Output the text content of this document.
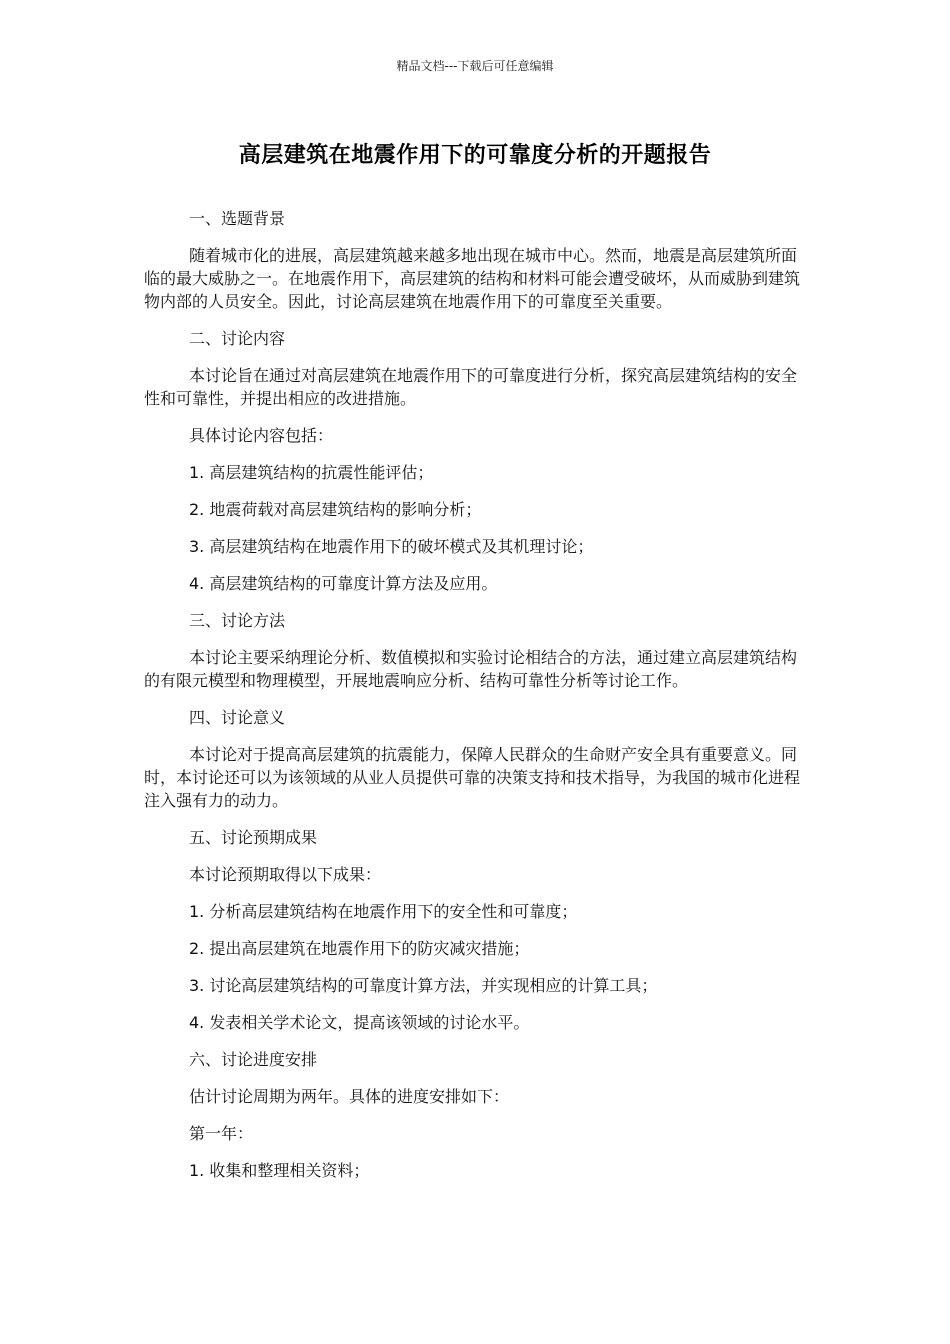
精品文档---下载后可任意编辑
高层建筑在地震作用下的可靠度分析的开题报告

一、选题背景

随着城市化的进展，高层建筑越来越多地出现在城市中心。然而，地震是高层建筑所面临的最大威胁之一。在地震作用下，高层建筑的结构和材料可能会遭受破坏，从而威胁到建筑物内部的人员安全。因此，讨论高层建筑在地震作用下的可靠度至关重要。

二、讨论内容

本讨论旨在通过对高层建筑在地震作用下的可靠度进行分析，探究高层建筑结构的安全性和可靠性，并提出相应的改进措施。

具体讨论内容包括：

1. 高层建筑结构的抗震性能评估；

2. 地震荷载对高层建筑结构的影响分析；

3. 高层建筑结构在地震作用下的破坏模式及其机理讨论；

4. 高层建筑结构的可靠度计算方法及应用。

三、讨论方法

本讨论主要采纳理论分析、数值模拟和实验讨论相结合的方法，通过建立高层建筑结构的有限元模型和物理模型，开展地震响应分析、结构可靠性分析等讨论工作。

四、讨论意义

本讨论对于提高高层建筑的抗震能力，保障人民群众的生命财产安全具有重要意义。同时，本讨论还可以为该领域的从业人员提供可靠的决策支持和技术指导，为我国的城市化进程注入强有力的动力。

五、讨论预期成果

本讨论预期取得以下成果：

1. 分析高层建筑结构在地震作用下的安全性和可靠度；

2. 提出高层建筑在地震作用下的防灾减灾措施；

3. 讨论高层建筑结构的可靠度计算方法，并实现相应的计算工具；

4. 发表相关学术论文，提高该领域的讨论水平。

六、讨论进度安排

估计讨论周期为两年。具体的进度安排如下：

第一年：

1. 收集和整理相关资料；
